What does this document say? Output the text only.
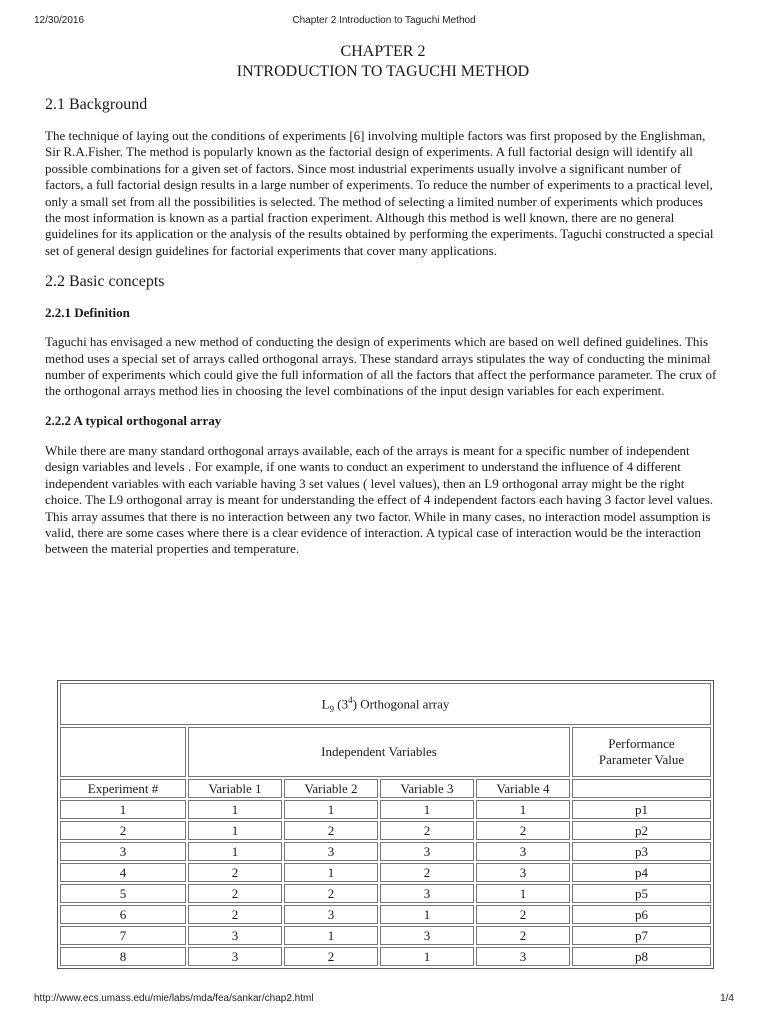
12/30/2016	Chapter 2 Introduction to Taguchi Method
CHAPTER 2
INTRODUCTION TO TAGUCHI METHOD
2.1 Background

The technique of laying out the conditions of experiments [6] involving multiple factors was first proposed by the Englishman, Sir R.A.Fisher. The method is popularly known as the factorial design of experiments. A full factorial design will identify all possible combinations for a given set of factors. Since most industrial experiments usually involve a significant number of factors, a full factorial design results in a large number of experiments. To reduce the number of experiments to a practical level, only a small set from all the possibilities is selected. The method of selecting a limited number of experiments which produces the most information is known as a partial fraction experiment. Although this method is well known, there are no general guidelines for its application or the analysis of the results obtained by performing the experiments. Taguchi constructed a special set of general design guidelines for factorial experiments that cover many applications.

2.2 Basic concepts
2.2.1 Definition

Taguchi has envisaged a new method of conducting the design of experiments which are based on well defined guidelines. This method uses a special set of arrays called orthogonal arrays. These standard arrays stipulates the way of conducting the minimal number of experiments which could give the full information of all the factors that affect the performance parameter. The crux of the orthogonal arrays method lies in choosing the level combinations of the input design variables for each experiment.

2.2.2 A typical orthogonal array

While there are many standard orthogonal arrays available, each of the arrays is meant for a specific number of independent design variables and levels . For example, if one wants to conduct an experiment to understand the influence of 4 different independent variables with each variable having 3 set values ( level values), then an L9 orthogonal array might be the right choice. The L9 orthogonal array is meant for understanding the effect of 4 independent factors each having 3 factor level values. This array assumes that there is no interaction between any two factor. While in many cases, no interaction model assumption is valid, there are some cases where there is a clear evidence of interaction. A typical case of interaction would be the interaction between the material properties and temperature.

$L_9$ $(3^4)$ Orthogonal array					
	Independent Variables				Performance
Parameter Value

Experiment #	Variable 1	Variable 2	Variable 3	Variable 4	
1	1	1	1	1	p1
2	1	2	2	2	p2
3	1	3	3	3	p3
4	2	1	2	3	p4
5	2	2	3	1	p5
6	2	3	1	2	p6
7	3	1	3	2	p7
8	3	2	1	3	p8
http://www.ecs.umass.edu/mie/labs/mda/fea/sankar/chap2.html	1/4
